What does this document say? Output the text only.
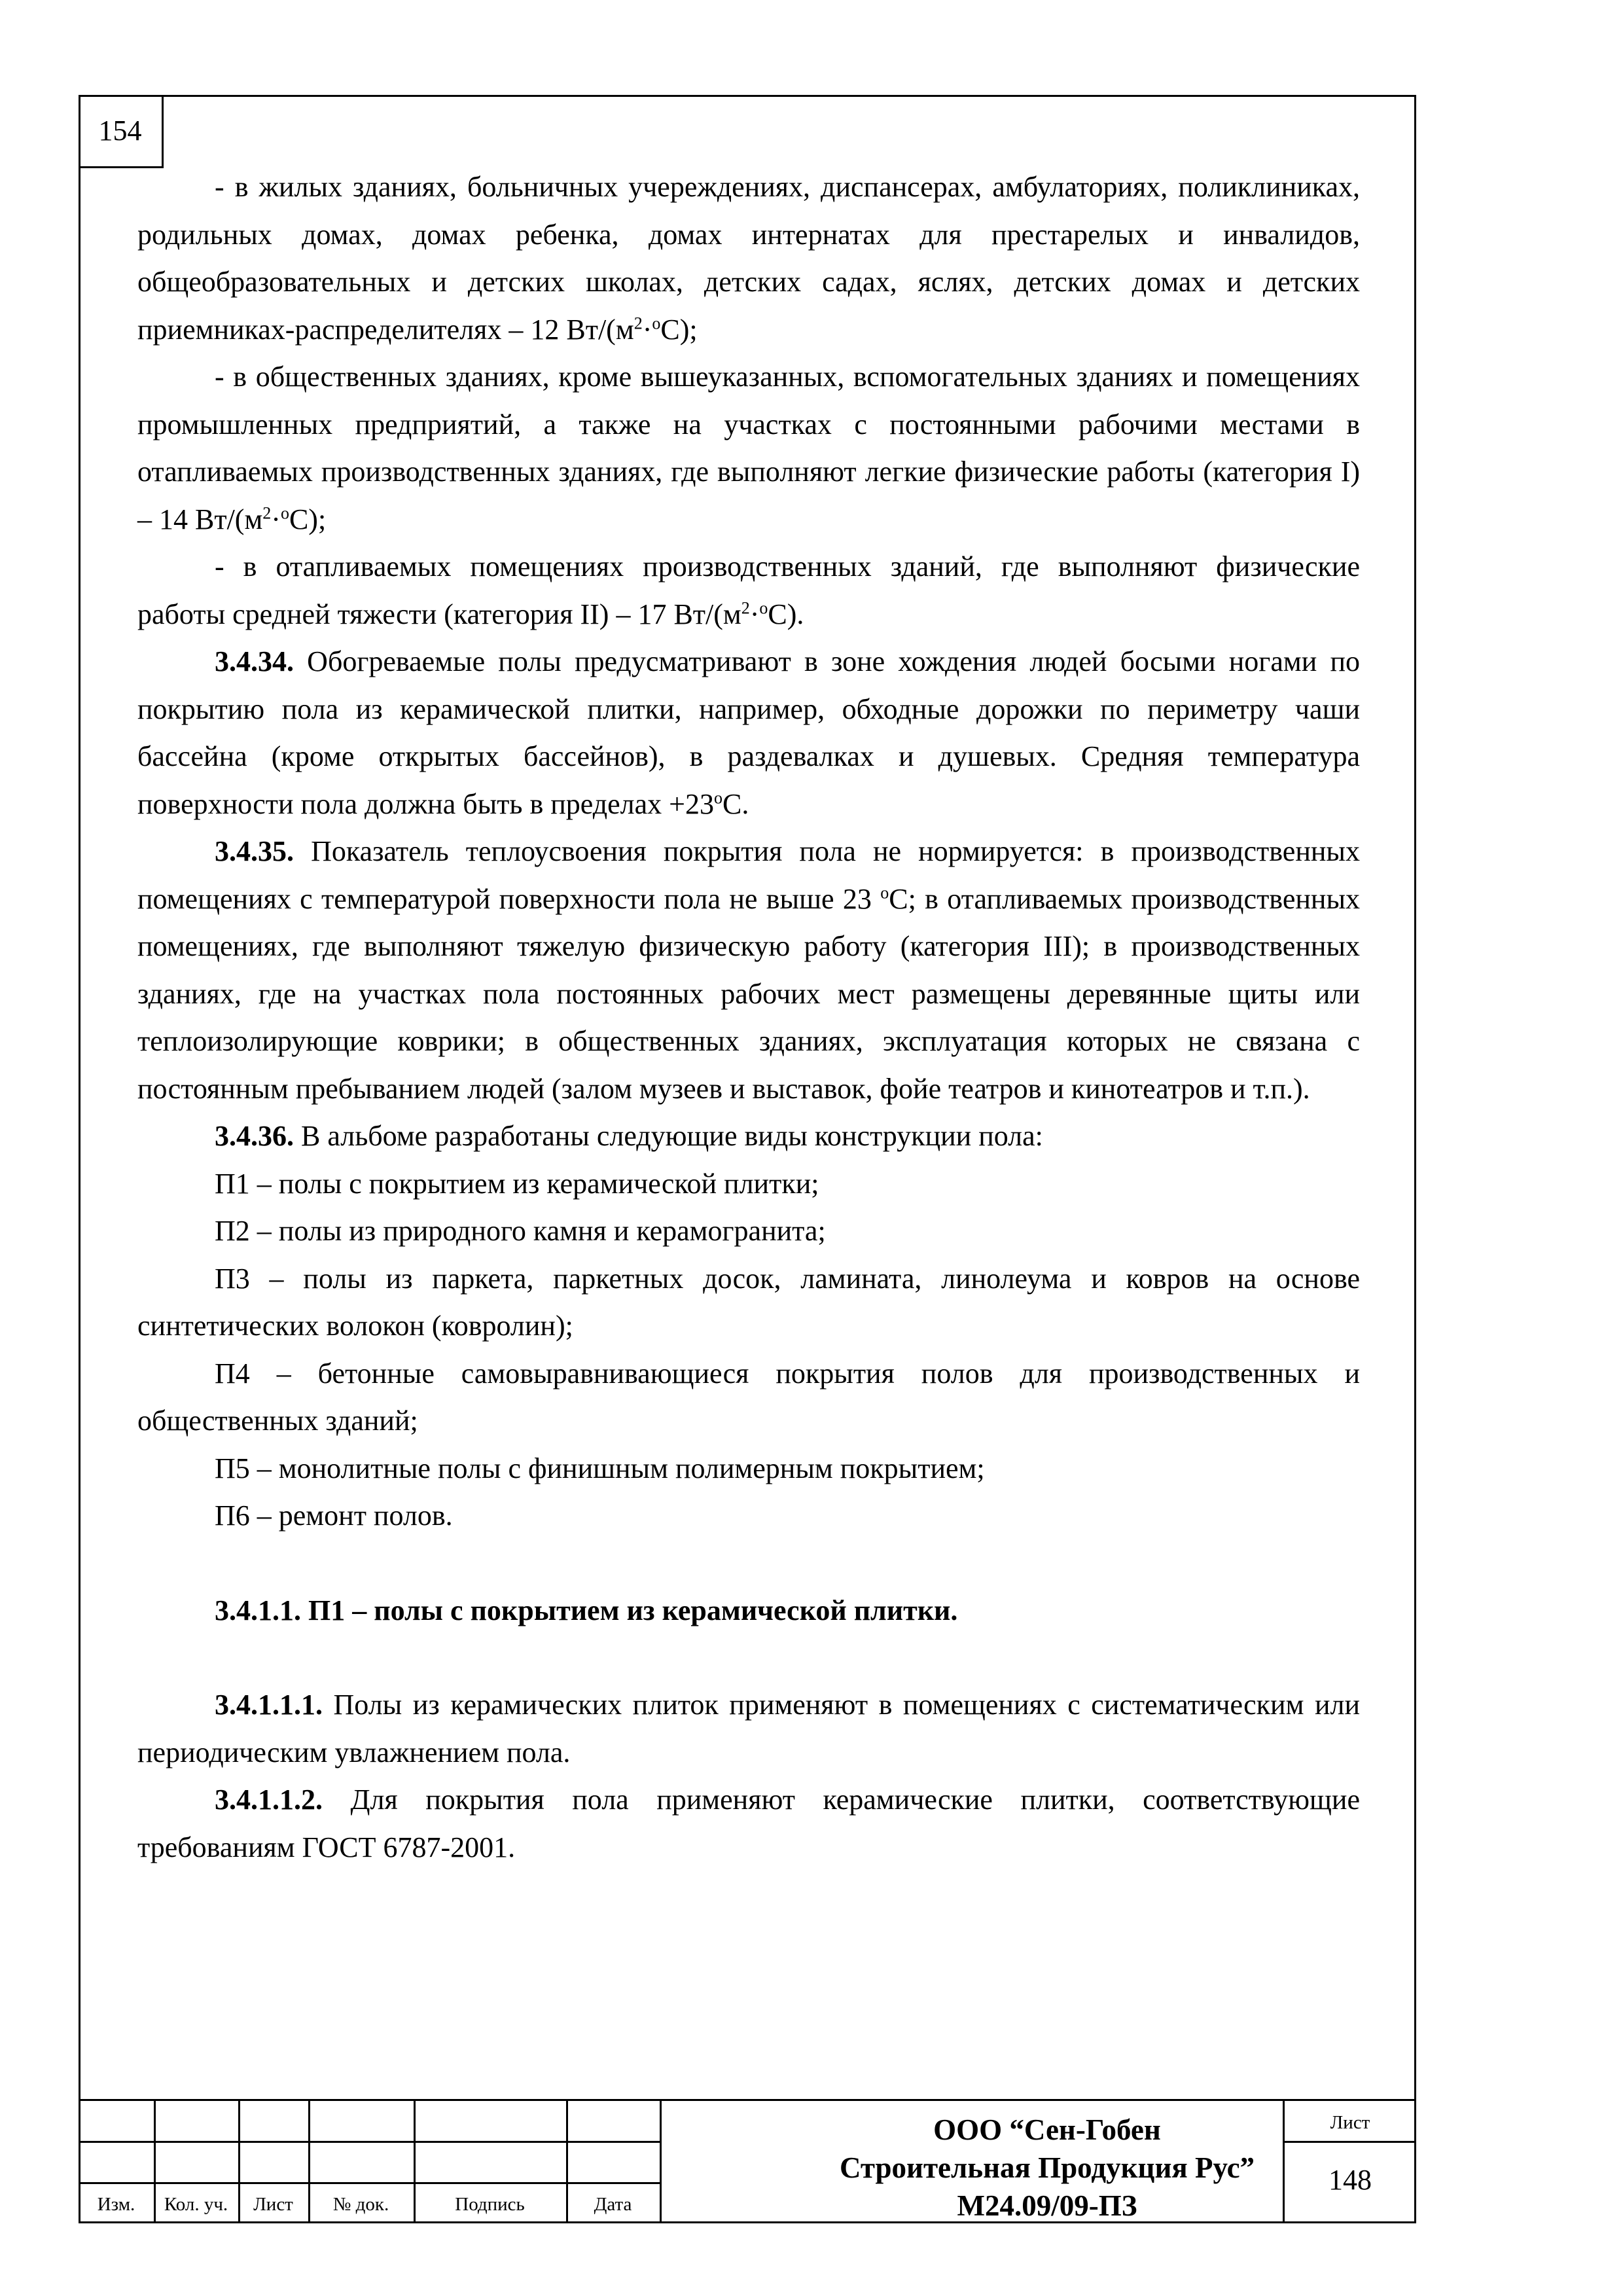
154

- в жилых зданиях, больничных учереждениях, диспансерах, амбулаториях, поликлиниках, родильных домах, домах ребенка, домах интернатах для престарелых и инвалидов, общеобразовательных и детских школах, детских садах, яслях, детских домах и детских приемниках-распределителях – 12 $Вт/(м^2\cdot^оС)$;

- в общественных зданиях, кроме вышеуказанных, вспомогательных зданиях и помещениях промышленных предприятий, а также на участках с постоянными рабочими местами в отапливаемых производственных зданиях, где выполняют легкие физические работы (категория I) – 14 $Вт/(м^2\cdot^оС)$;

- в отапливаемых помещениях производственных зданий, где выполняют физические работы средней тяжести (категория II) – 17 $Вт/(м^2\cdot^оС)$.

3.4.34. Обогреваемые полы предусматривают в зоне хождения людей босыми ногами по покрытию пола из керамической плитки, например, обходные дорожки по периметру чаши бассейна (кроме открытых бассейнов), в раздевалках и душевых. Средняя температура поверхности пола должна быть в пределах $+23^оС$.

3.4.35. Показатель теплоусвоения покрытия пола не нормируется: в производственных помещениях с температурой поверхности пола не выше 23 $^о$С; в отапливаемых производственных помещениях, где выполняют тяжелую физическую работу (категория III); в производственных зданиях, где на участках пола постоянных рабочих мест размещены деревянные щиты или теплоизолирующие коврики; в общественных зданиях, эксплуатация которых не связана с постоянным пребыванием людей (залом музеев и выставок, фойе театров и кинотеатров и т.п.).

3.4.36. В альбоме разработаны следующие виды конструкции пола:

П1 – полы с покрытием из керамической плитки;

П2 – полы из природного камня и керамогранита;

П3 – полы из паркета, паркетных досок, ламината, линолеума и ковров на основе синтетических волокон (ковролин);

П4 – бетонные самовыравнивающиеся покрытия полов для производственных и общественных зданий;

П5 – монолитные полы с финишным полимерным покрытием;

П6 – ремонт полов.

3.4.1.1. П1 – полы с покрытием из керамической плитки.

3.4.1.1.1. Полы из керамических плиток применяют в помещениях с систематическим или периодическим увлажнением пола.

3.4.1.1.2. Для покрытия пола применяют керамические плитки, соответствующие требованиям ГОСТ 6787-2001.

Изм.	Кол. уч.	Лист	№ док.	Подпись	Дата
ООО “Сен-Гобен
Строительная Продукция Рус”
М24.09/09-ПЗ
Лист
148
